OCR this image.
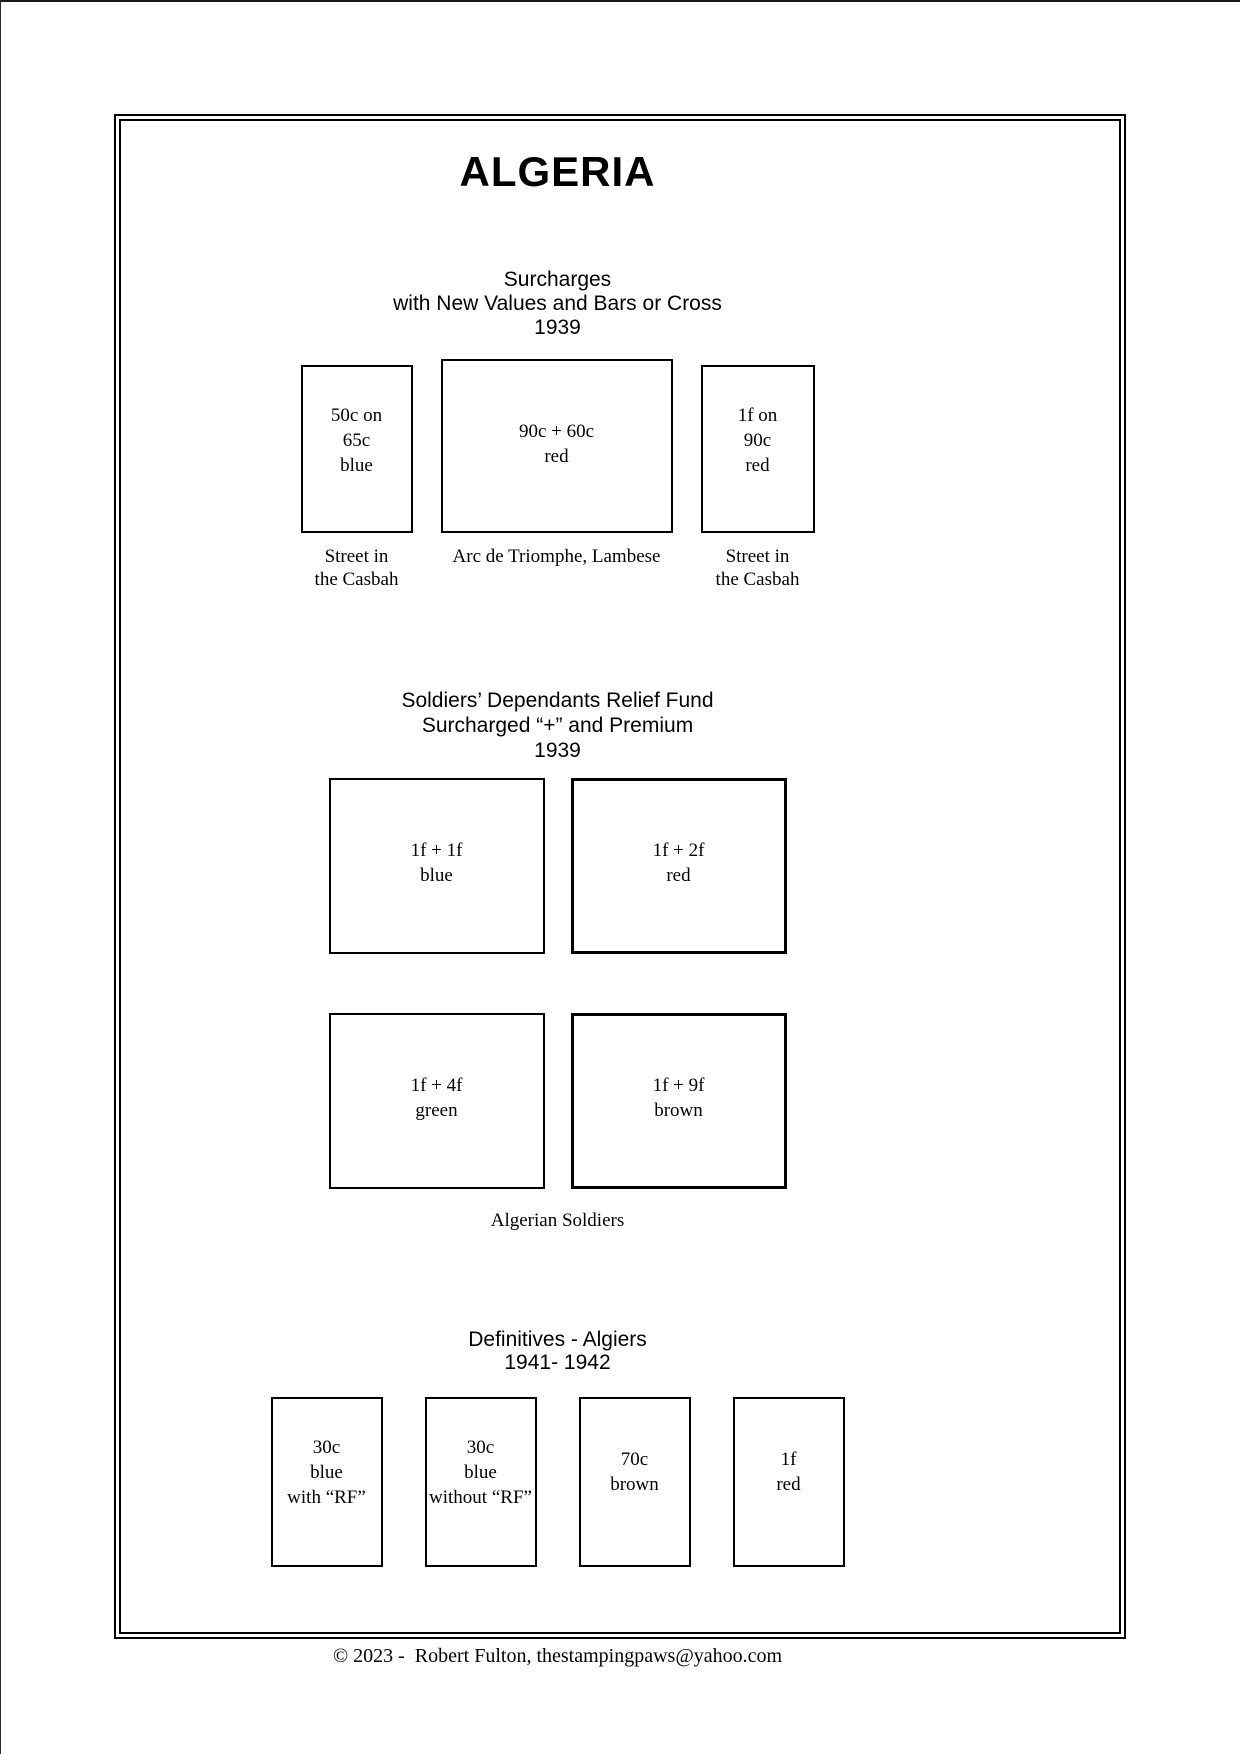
ALGERIA
Surcharges
with New Values and Bars or Cross
1939
50c on
65c
blue
90c + 60c
red
1f on
90c
red
Street in
the Casbah
Arc de Triomphe, Lambese	Street in
the Casbah
Soldiers’ Dependants Relief Fund
Surcharged “+” and Premium
1939
1f + 1f
blue
1f + 2f
red
1f + 4f
green
1f + 9f
brown
Algerian Soldiers
Definitives - Algiers
1941- 1942
30c
blue
with “RF”
30c
blue
without “RF”
70c
brown
1f
red
© 2023 -  Robert Fulton, thestampingpaws@yahoo.com
